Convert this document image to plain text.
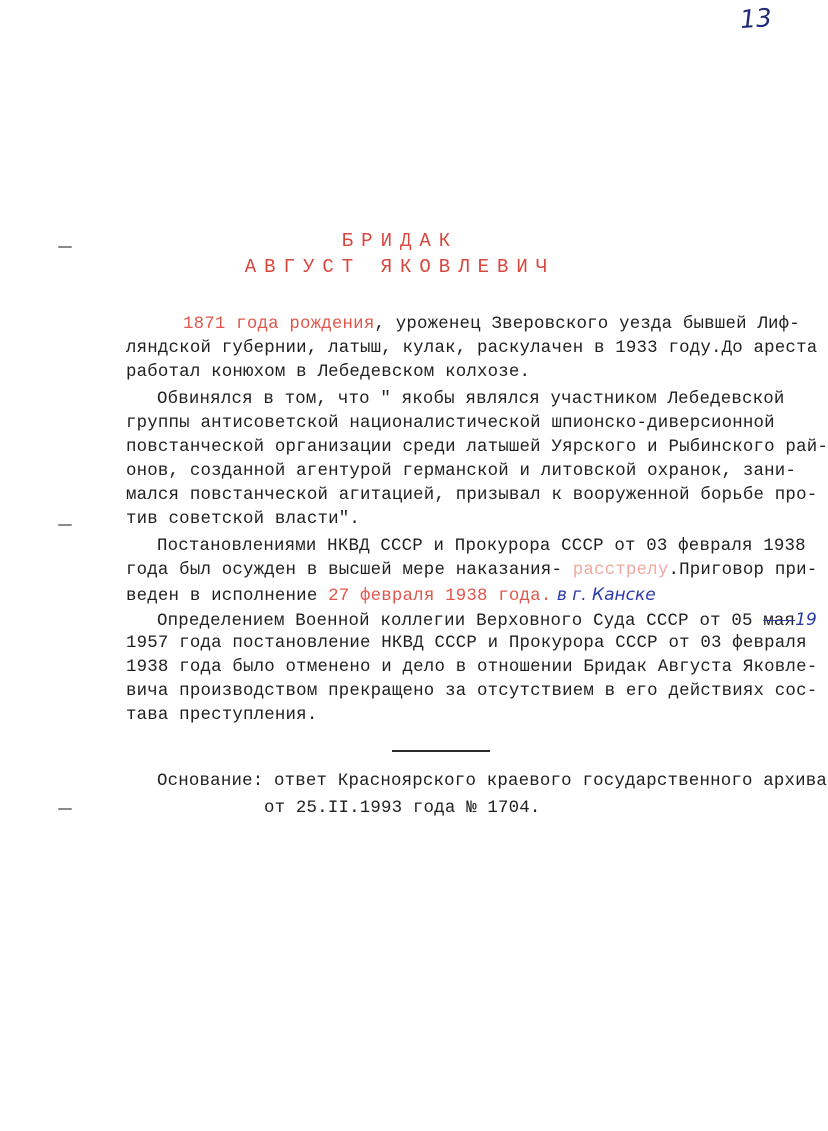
13
БРИДАК
АВГУСТ ЯКОВЛЕВИЧ
1871 года рождения, уроженец Зверовского уезда бывшей Лиф-
ляндской губернии, латыш, кулак, раскулачен в 1933 году.До ареста
работал конюхом в Лебедевском колхозе.
Обвинялся в том, что " якобы являлся участником Лебедевской
группы антисоветской националистической шпионско-диверсионной
повстанческой организации среди латышей Уярского и Рыбинского рай-
онов, созданной агентурой германской и литовской охранок, зани-
мался повстанческой агитацией, призывал к вооруженной борьбе про-
тив советской власти".
Постановлениями НКВД СССР и Прокурора СССР от 03 февраля 1938
года был осужден в высшей мере наказания- расстрелу.Приговор при-
веден в исполнение 27 февраля 1938 года. в г. Канске
Определением Военной коллегии Верховного Суда СССР от 05 мая19
1957 года постановление НКВД СССР и Прокурора СССР от 03 февраля
1938 года было отменено и дело в отношении Бридак Августа Яковле-
вича производством прекращено за отсутствием в его действиях сос-
тава преступления.
Основание: ответ Красноярского краевого государственного архива
от 25.II.1993 года № 1704.
